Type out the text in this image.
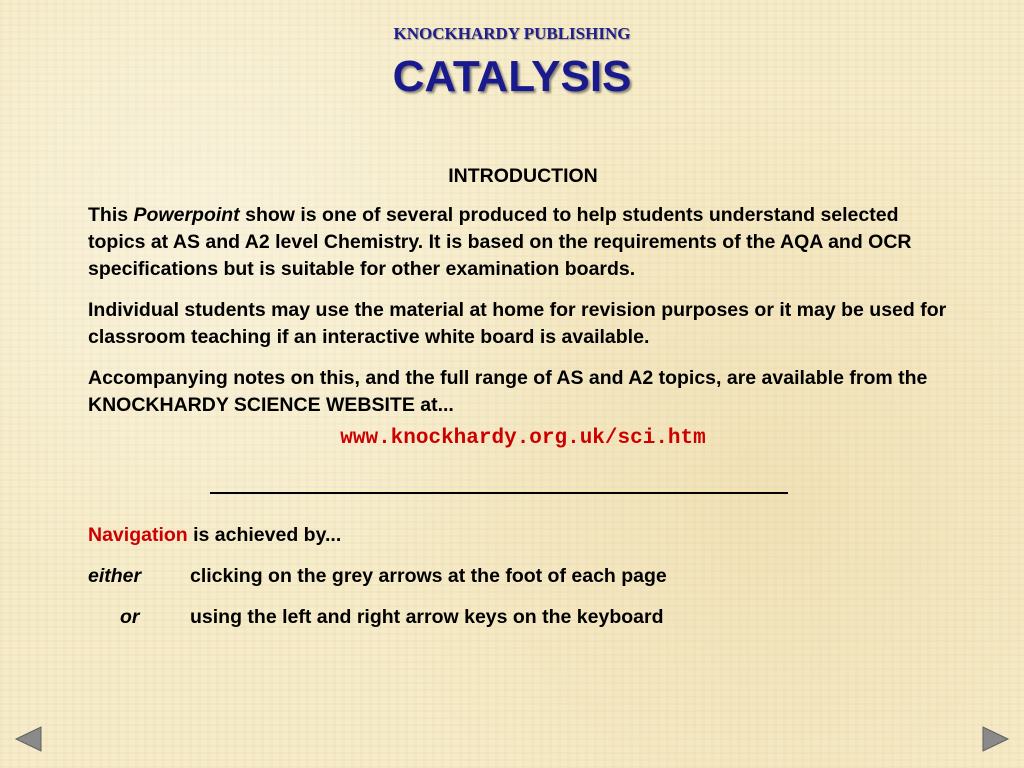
KNOCKHARDY PUBLISHING
CATALYSIS
INTRODUCTION

This Powerpoint show is one of several produced to help students understand selected topics at AS and A2 level Chemistry. It is based on the requirements of the AQA and OCR specifications but is suitable for other examination boards.

Individual students may use the material at home for revision purposes or it may be used for classroom teaching if an interactive white board is available.

Accompanying notes on this, and the full range of AS and A2 topics, are available from the KNOCKHARDY SCIENCE WEBSITE at...

www.knockhardy.org.uk/sci.htm

Navigation is achieved by...
either	clicking on the grey arrows at the foot of each page
or	using the left and right arrow keys on the keyboard
